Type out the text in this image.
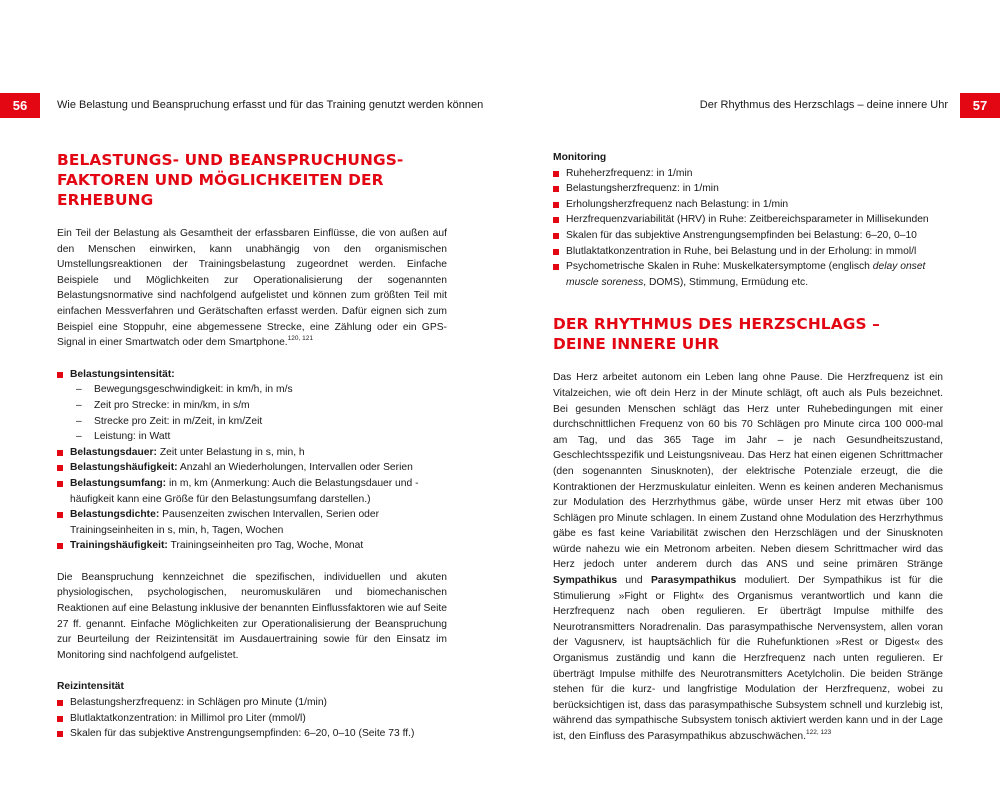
56	Wie Belastung und Beanspruchung erfasst und für das Training genutzt werden können	Der Rhythmus des Herzschlags – deine innere Uhr	57
BELASTUNGS- UND BEANSPRUCHUNGS-
FAKTOREN UND MÖGLICHKEITEN DER ERHEBUNG

Ein Teil der Belastung als Gesamtheit der erfassbaren Einflüsse, die von außen auf den Menschen einwirken, kann unabhängig von den organismischen Umstellungsreaktionen der Trainingsbelastung zugeordnet werden. Einfache Beispiele und Möglichkeiten zur Operationalisierung der sogenannten Belastungsnormative sind nachfolgend aufgelistet und können zum größten Teil mit einfachen Messverfahren und Gerätschaften erfasst werden. Dafür eignen sich zum Beispiel eine Stoppuhr, eine abgemessene Strecke, eine Zählung oder ein GPS-Signal in einer Smartwatch oder dem Smartphone.$^{120, 121}$

Belastungsintensität:
– Bewegungsgeschwindigkeit: in km/h, in m/s
– Zeit pro Strecke: in min/km, in s/m
– Strecke pro Zeit: in m/Zeit, in km/Zeit
– Leistung: in Watt
Belastungsdauer: Zeit unter Belastung in s, min, h
Belastungshäufigkeit: Anzahl an Wiederholungen, Intervallen oder Serien
Belastungsumfang: in m, km (Anmerkung: Auch die Belastungsdauer und -häufigkeit kann eine Größe für den Belastungsumfang darstellen.)
Belastungsdichte: Pausenzeiten zwischen Intervallen, Serien oder Trainingseinheiten in s, min, h, Tagen, Wochen
Trainingshäufigkeit: Trainingseinheiten pro Tag, Woche, Monat

Die Beanspruchung kennzeichnet die spezifischen, individuellen und akuten physiologischen, psychologischen, neuromuskulären und biomechanischen Reaktionen auf eine Belastung inklusive der benannten Einflussfaktoren wie auf Seite 27 ff. genannt. Einfache Möglichkeiten zur Operationalisierung der Beanspruchung zur Beurteilung der Reizintensität im Ausdauertraining sowie für den Einsatz im Monitoring sind nachfolgend aufgelistet.

Reizintensität
Belastungsherzfrequenz: in Schlägen pro Minute (1/min)
Blutlaktatkonzentration: in Millimol pro Liter (mmol/l)
Skalen für das subjektive Anstrengungsempfinden: 6–20, 0–10 (Seite 73 ff.)
Monitoring
Ruheherzfrequenz: in 1/min
Belastungsherzfrequenz: in 1/min
Erholungsherzfrequenz nach Belastung: in 1/min
Herzfrequenzvariabilität (HRV) in Ruhe: Zeitbereichsparameter in Millisekunden
Skalen für das subjektive Anstrengungsempfinden bei Belastung: 6–20, 0–10
Blutlaktatkonzentration in Ruhe, bei Belastung und in der Erholung: in mmol/l
Psychometrische Skalen in Ruhe: Muskelkatersymptome (englisch delay onset muscle soreness, DOMS), Stimmung, Ermüdung etc.
DER RHYTHMUS DES HERZSCHLAGS –
DEINE INNERE UHR

Das Herz arbeitet autonom ein Leben lang ohne Pause. Die Herzfrequenz ist ein Vitalzeichen, wie oft dein Herz in der Minute schlägt, oft auch als Puls bezeichnet. Bei gesunden Menschen schlägt das Herz unter Ruhebedingungen mit einer durchschnittlichen Frequenz von 60 bis 70 Schlägen pro Minute circa 100 000-mal am Tag, und das 365 Tage im Jahr – je nach Gesundheitszustand, Geschlechtsspezifik und Leistungsniveau. Das Herz hat einen eigenen Schrittmacher (den sogenannten Sinusknoten), der elektrische Potenziale erzeugt, die die Kontraktionen der Herzmuskulatur einleiten. Wenn es keinen anderen Mechanismus zur Modulation des Herzrhythmus gäbe, würde unser Herz mit etwas über 100 Schlägen pro Minute schlagen. In einem Zustand ohne Modulation des Herzrhythmus gäbe es fast keine Variabilität zwischen den Herzschlägen und der Sinusknoten würde nahezu wie ein Metronom arbeiten. Neben diesem Schrittmacher wird das Herz jedoch unter anderem durch das ANS und seine primären Stränge Sympathikus und Parasympathikus moduliert. Der Sympathikus ist für die Stimulierung »Fight or Flight« des Organismus verantwortlich und kann die Herzfrequenz nach oben regulieren. Er überträgt Impulse mithilfe des Neurotransmitters Noradrenalin. Das parasympathische Nervensystem, allen voran der Vagusnerv, ist hauptsächlich für die Ruhefunktionen »Rest or Digest« des Organismus zuständig und kann die Herzfrequenz nach unten regulieren. Er überträgt Impulse mithilfe des Neurotransmitters Acetylcholin. Die beiden Stränge stehen für die kurz- und langfristige Modulation der Herzfrequenz, wobei zu berücksichtigen ist, dass das parasympathische Subsystem schnell und kurzlebig ist, während das sympathische Subsystem tonisch aktiviert werden kann und in der Lage ist, den Einfluss des Parasympathikus abzuschwächen.$^{122, 123}$
